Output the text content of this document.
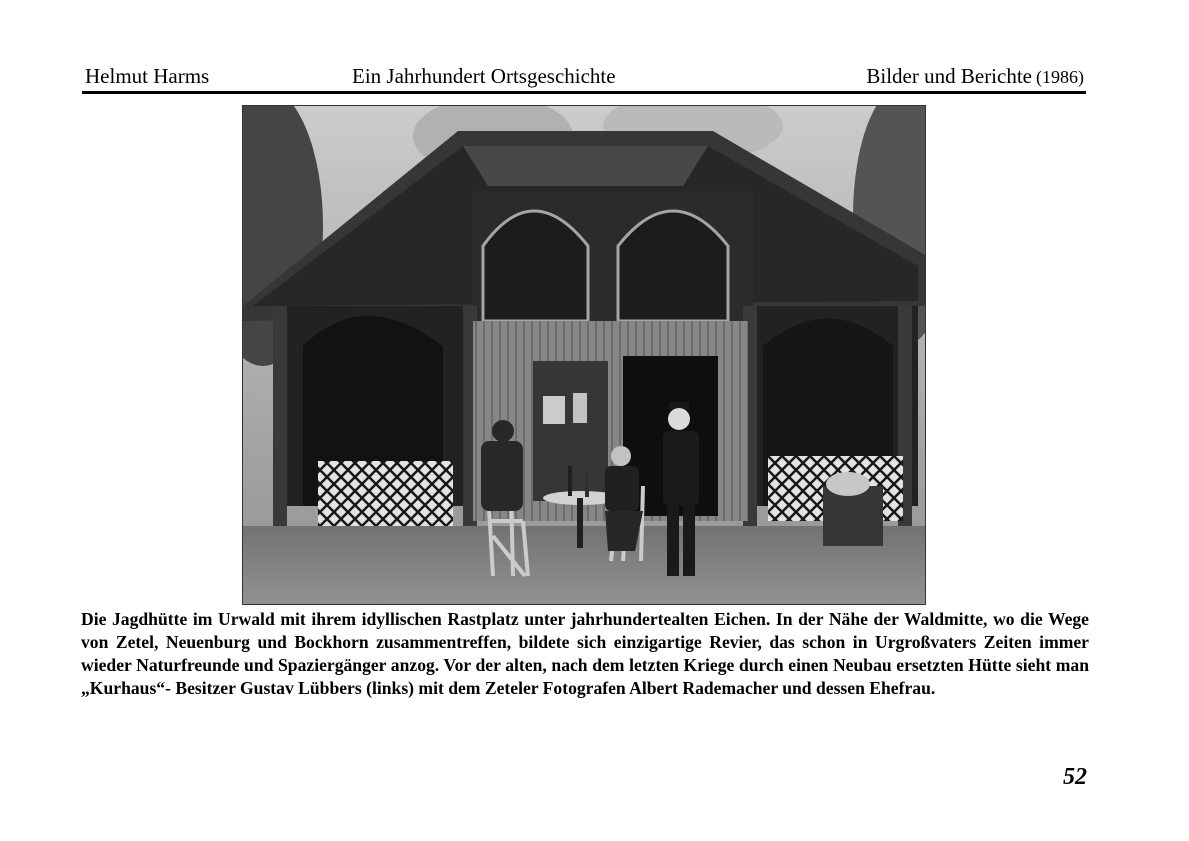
Helmut Harms	Ein Jahrhundert Ortsgeschichte	Bilder und Berichte (1986)

Die Jagdhütte im Urwald mit ihrem idyllischen Rastplatz unter jahrhundertealten Eichen. In der Nähe der Waldmitte, wo die Wege von Zetel, Neuenburg und Bockhorn zusammentreffen, bildete sich einzigartige Revier, das schon in Urgroßvaters Zeiten immer wieder Naturfreunde und Spaziergänger anzog. Vor der alten, nach dem letzten Kriege durch einen Neubau ersetzten Hütte sieht man „Kurhaus“- Besitzer Gustav Lübbers (links) mit dem Zeteler Fotografen Albert Rademacher und dessen Ehefrau.

52
